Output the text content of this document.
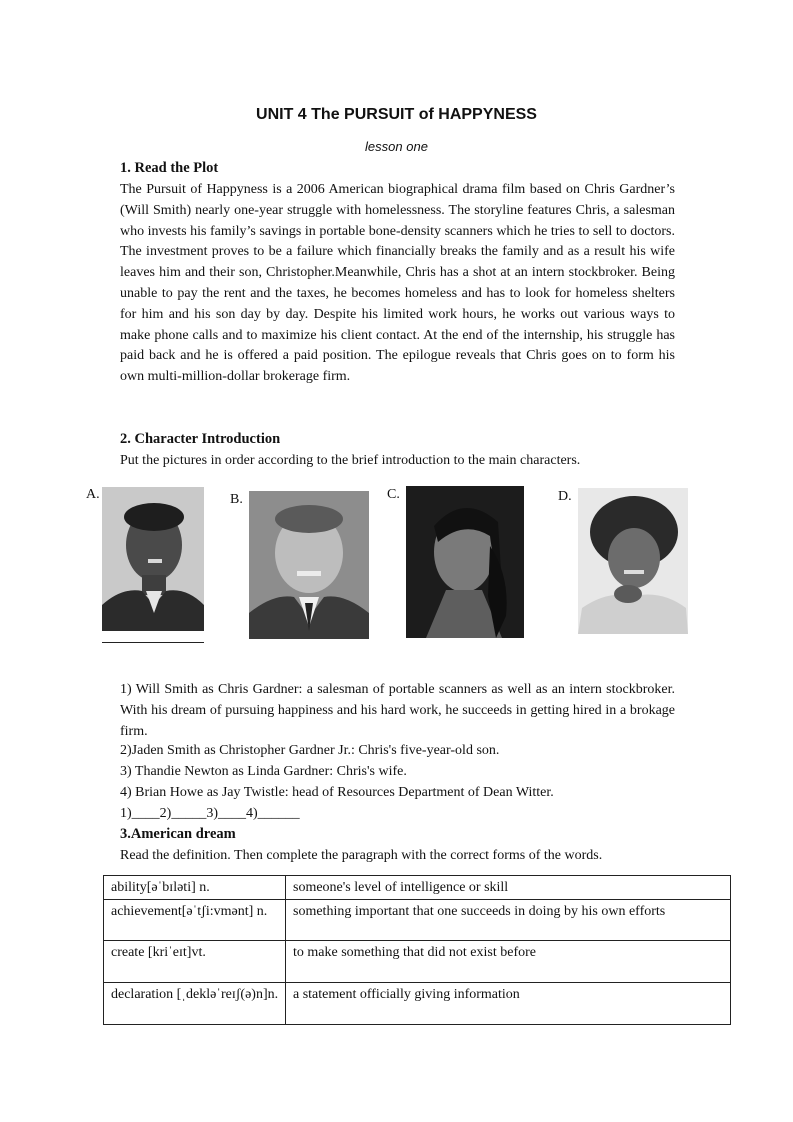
UNIT 4 The PURSUIT of HAPPYNESS
lesson one
1. Read the Plot
The Pursuit of Happyness is a 2006 American biographical drama film based on Chris Gardner’s (Will Smith) nearly one-year struggle with homelessness. The storyline features Chris, a salesman who invests his family’s savings in portable bone-density scanners which he tries to sell to doctors. The investment proves to be a failure which financially breaks the family and as a result his wife leaves him and their son, Christopher.Meanwhile, Chris has a shot at an intern stockbroker. Being unable to pay the rent and the taxes, he becomes homeless and has to look for homeless shelters for him and his son day by day. Despite his limited work hours, he works out various ways to make phone calls and to maximize his client contact. At the end of the internship, his struggle has paid back and he is offered a paid position. The epilogue reveals that Chris goes on to form his own multi-million-dollar brokerage firm.
2. Character Introduction
Put the pictures in order according to the brief introduction to the main characters.
A.	B.	C.	D.
1) Will Smith as Chris Gardner: a salesman of portable scanners as well as an intern stockbroker. With his dream of pursuing happiness and his hard work, he succeeds in getting hired in a brokage firm.
2)Jaden Smith as Christopher Gardner Jr.: Chris's five-year-old son.
3) Thandie Newton as Linda Gardner: Chris's wife.
4) Brian Howe as Jay Twistle: head of Resources Department of Dean Witter.
1)____2)_____3)____4)______
3.American dream
Read the definition. Then complete the paragraph with the correct forms of the words.
ability[əˈbɪləti] n.	someone's level of intelligence or skill
achievement[əˈtʃi:vmənt] n.	something important that one succeeds in doing by his own efforts
create [kriˈeɪt]vt.	to make something that did not exist before
declaration [ˌdekləˈreɪʃ(ə)n]n.	a statement officially giving information
